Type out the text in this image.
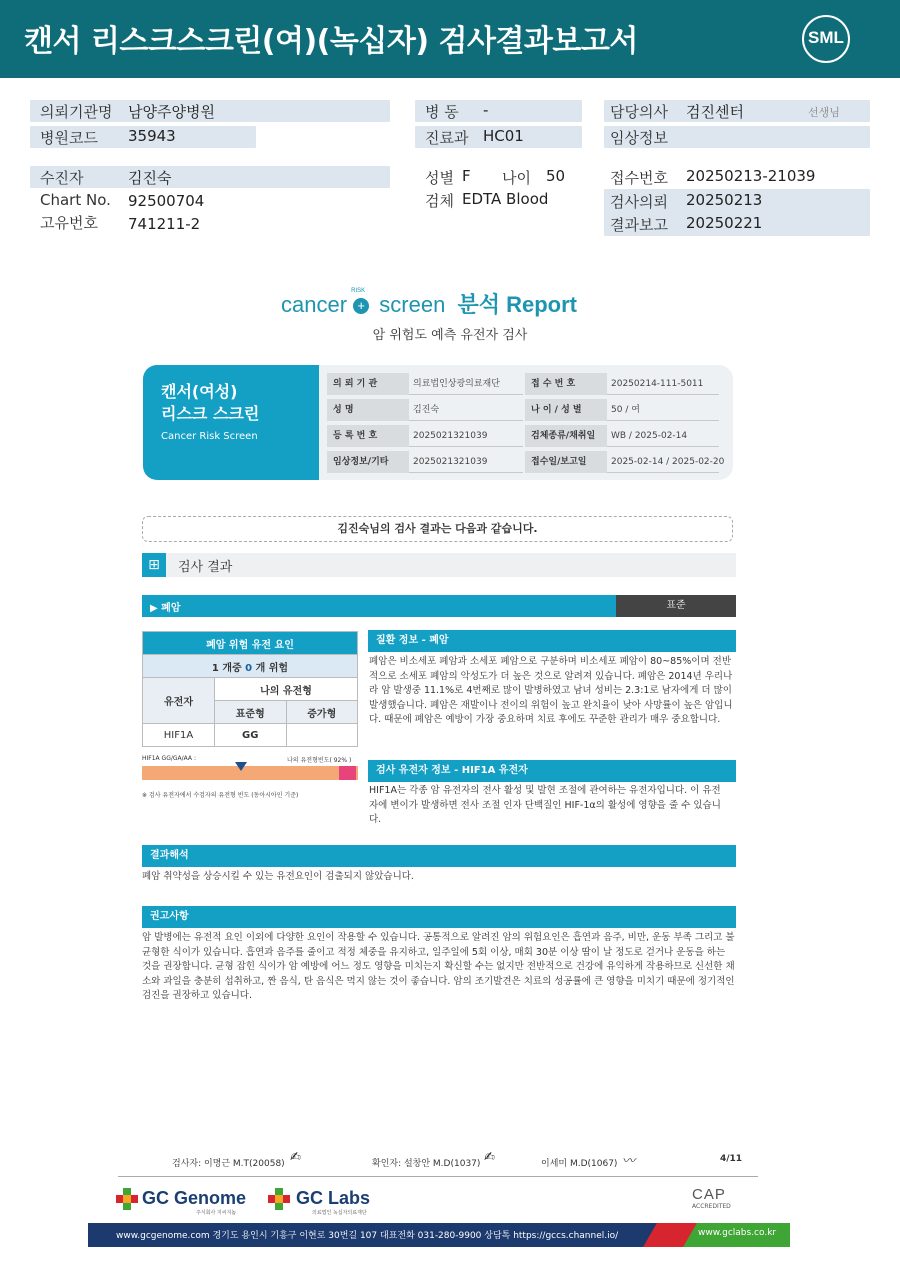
캔서 리스크스크린(여)(녹십자) 검사결과보고서	SML
의뢰기관명 남양주양병원
병원코드 35943
수진자	김진숙
Chart No. 92500704
고유번호 741211-2
병 동 -
진료과 HC01
성별 F 나이 50
검체 EDTA Blood
담당의사 검진센터	선생님
임상정보
접수번호 20250213-21039
검사의뢰 20250213
결과보고 20250221
cancer +
RISK
screen 분석 Report
암 위험도 예측 유전자 검사
캔서(여성)
리스크 스크린
Cancer Risk Screen
의 뢰 기 관	의료법인상광의료재단	접 수 번 호	20250214-111-5011
성 명	김진숙	나 이 / 성 별	50 / 여
등 록 번 호	2025021321039	검체종류/채취일	WB / 2025-02-14
임상정보/기타	2025021321039	접수일/보고일	2025-02-14 / 2025-02-20
김진숙님의 검사 결과는 다음과 같습니다.
⊞	검사 결과
▶ 폐암	표준
폐암 위험 유전 요인		
1 개중 0 개 위험		
유전자	나의 유전형	
	표준형	증가형
HIF1A	GG	
HIF1A GG/GA/AA :	나의 유전형빈도( 92% )
※ 검사 유전자에서 수검자의 유전형 빈도 (동아시아인 기준)
질환 정보 - 폐암
폐암은 비소세포 폐암과 소세포 폐암으로 구분하며 비소세포 폐암이 80~85%이며 전반적으로 소세포 폐암의 악성도가 더 높은 것으로 알려져 있습니다. 폐암은 2014년 우리나라 암 발생중 11.1%로 4번째로 많이 발병하였고 남녀 성비는 2.3:1로 남자에게 더 많이 발생했습니다. 폐암은 재발이나 전이의 위험이 높고 완치율이 낮아 사망률이 높은 암입니다. 때문에 폐암은 예방이 가장 중요하며 치료 후에도 꾸준한 관리가 매우 중요합니다.
검사 유전자 정보 - HIF1A 유전자
HIF1A는 각종 암 유전자의 전사 활성 및 발현 조절에 관여하는 유전자입니다. 이 유전자에 변이가 발생하면 전사 조절 인자 단백질인 HIF-1α의 활성에 영향을 줄 수 있습니다.
결과해석
폐암 취약성을 상승시킬 수 있는 유전요인이 검출되지 않았습니다.
권고사항
암 발병에는 유전적 요인 이외에 다양한 요인이 작용할 수 있습니다. 공통적으로 알려진 암의 위험요인은 흡연과 음주, 비만, 운동 부족 그리고 불균형한 식이가 있습니다. 흡연과 음주를 줄이고 적정 체중을 유지하고, 일주일에 5회 이상, 매회 30분 이상 땀이 날 정도로 걷거나 운동을 하는 것을 권장합니다. 균형 잡힌 식이가 암 예방에 어느 정도 영향을 미치는지 확신할 수는 없지만 전반적으로 건강에 유익하게 작용하므로 신선한 채소와 과일을 충분히 섭취하고, 짠 음식, 탄 음식은 먹지 않는 것이 좋습니다. 암의 조기발견은 치료의 성공률에 큰 영향을 미치기 때문에 정기적인 검진을 권장하고 있습니다.
검사자: 이명근 M.T(20058) ✍	확인자: 설창안 M.D(1037) ✍	이세미 M.D(1067) 〰	4/11
GC Genome
주식회사 지씨지놈
GC Labs
의료법인 녹십자의료재단
CAP
ACCREDITED
www.gcgenome.com 경기도 용인시 기흥구 이현로 30번길 107 대표전화 031-280-9900 상담톡 https://gccs.channel.io/	www.gclabs.co.kr
